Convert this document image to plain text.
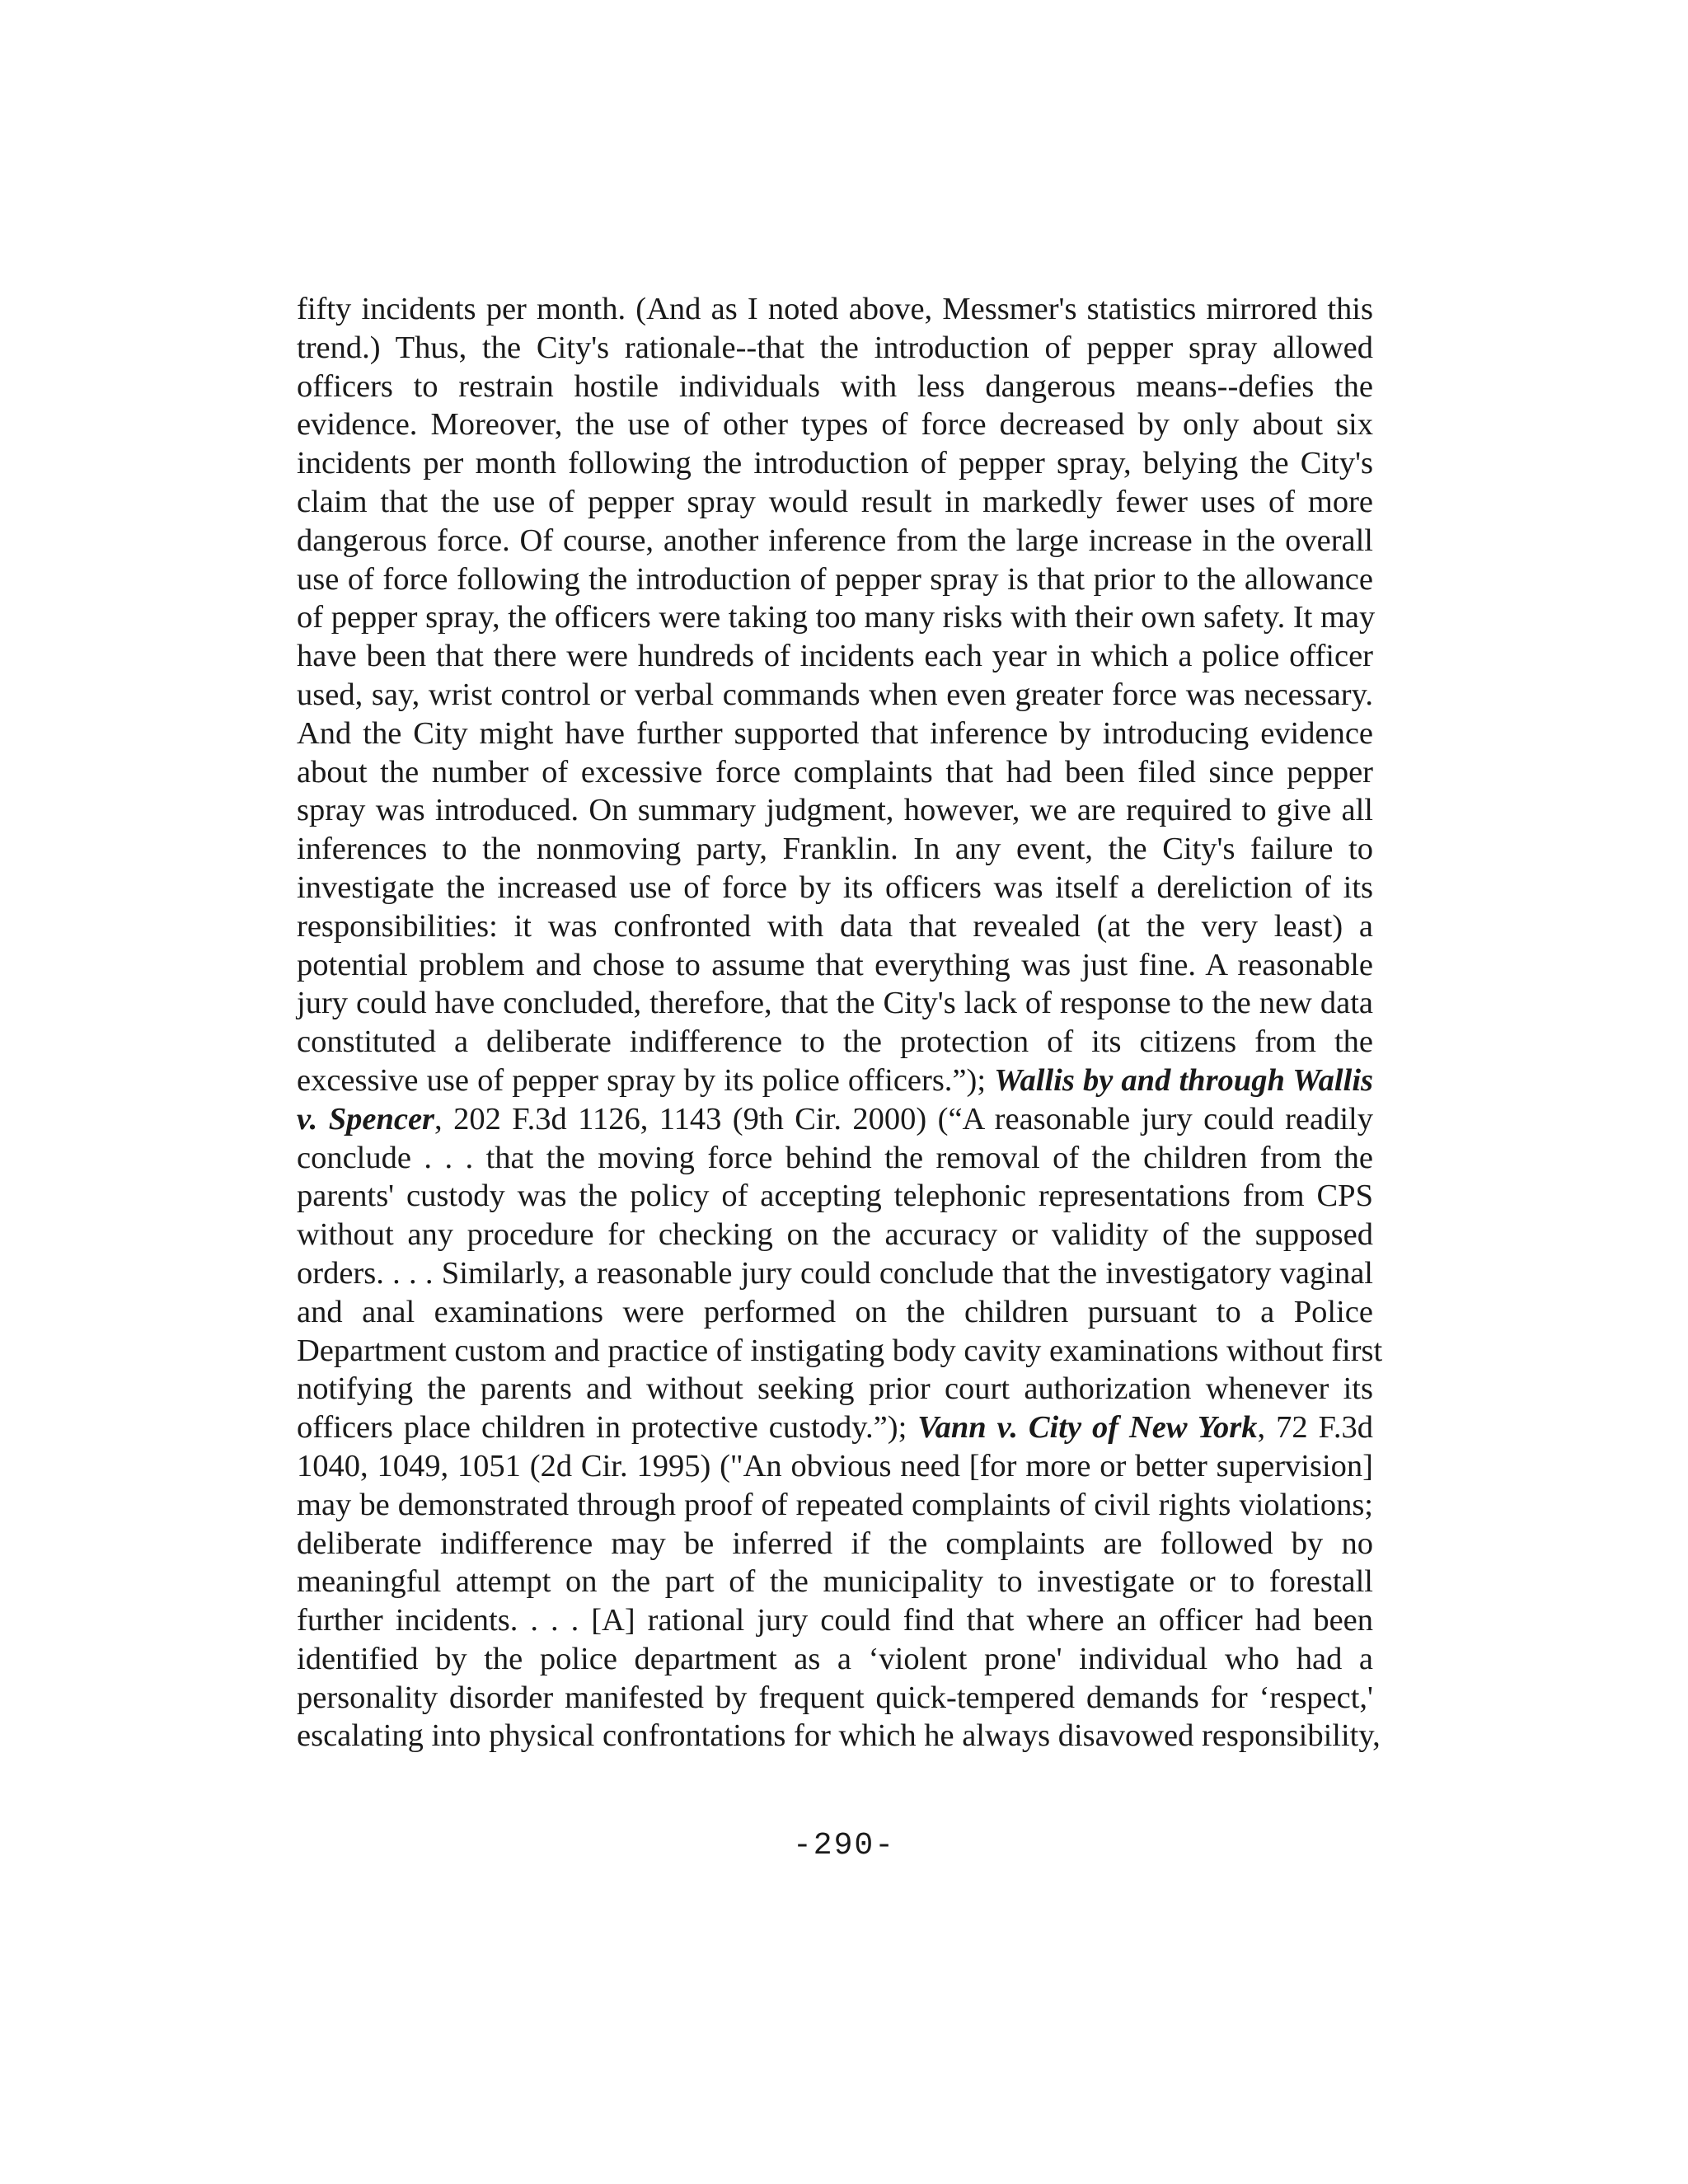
fifty incidents per month. (And as I noted above, Messmer's statistics mirrored this
trend.) Thus, the City's rationale--that the introduction of pepper spray allowed
officers to restrain hostile individuals with less dangerous means--defies the
evidence. Moreover, the use of other types of force decreased by only about six
incidents per month following the introduction of pepper spray, belying the City's
claim that the use of pepper spray would result in markedly fewer uses of more
dangerous force. Of course, another inference from the large increase in the overall
use of force following the introduction of pepper spray is that prior to the allowance
of pepper spray, the officers were taking too many risks with their own safety. It may
have been that there were hundreds of incidents each year in which a police officer
used, say, wrist control or verbal commands when even greater force was necessary.
And the City might have further supported that inference by introducing evidence
about the number of excessive force complaints that had been filed since pepper
spray was introduced. On summary judgment, however, we are required to give all
inferences to the nonmoving party, Franklin. In any event, the City's failure to
investigate the increased use of force by its officers was itself a dereliction of its
responsibilities: it was confronted with data that revealed (at the very least) a
potential problem and chose to assume that everything was just fine. A reasonable
jury could have concluded, therefore, that the City's lack of response to the new data
constituted a deliberate indifference to the protection of its citizens from the
excessive use of pepper spray by its police officers.”); Wallis by and through Wallis
v. Spencer, 202 F.3d 1126, 1143 (9th Cir. 2000) (“A reasonable jury could readily
conclude . . . that the moving force behind the removal of the children from the
parents' custody was the policy of accepting telephonic representations from CPS
without any procedure for checking on the accuracy or validity of the supposed
orders. . . . Similarly, a reasonable jury could conclude that the investigatory vaginal
and anal examinations were performed on the children pursuant to a Police
Department custom and practice of instigating body cavity examinations without first
notifying the parents and without seeking prior court authorization whenever its
officers place children in protective custody.”); Vann v. City of New York, 72 F.3d
1040, 1049, 1051 (2d Cir. 1995) ("An obvious need [for more or better supervision]
may be demonstrated through proof of repeated complaints of civil rights violations;
deliberate indifference may be inferred if the complaints are followed by no
meaningful attempt on the part of the municipality to investigate or to forestall
further incidents. . . . [A] rational jury could find that where an officer had been
identified by the police department as a ‘violent prone' individual who had a
personality disorder manifested by frequent quick-tempered demands for ‘respect,'
escalating into physical confrontations for which he always disavowed responsibility,
-290-
